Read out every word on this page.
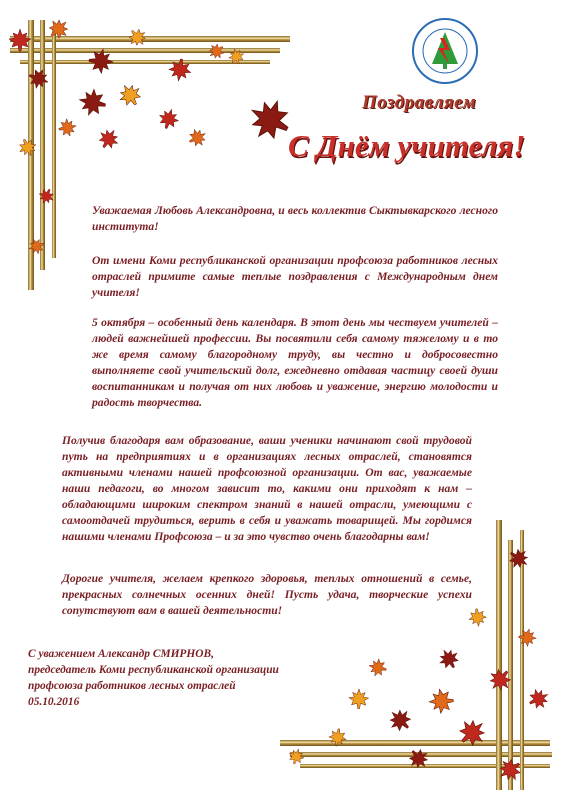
Поздравляем
С Днём учителя!

Уважаемая Любовь Александровна, и весь коллектив Сыктывкарского лесного института!

От имени Коми республиканской организации профсоюза работников лесных отраслей примите самые теплые поздравления с Международным днем учителя!

5 октября – особенный день календаря. В этот день мы чествуем учителей – людей важнейшей профессии. Вы посвятили себя самому тяжелому и в то же время самому благородному труду, вы честно и добросовестно выполняете свой учительский долг, ежедневно отдавая частицу своей души воспитанникам и получая от них любовь и уважение, энергию молодости и радость творчества.

Получив благодаря вам образование, ваши ученики начинают свой трудовой путь на предприятиях и в организациях лесных отраслей, становятся активными членами нашей профсоюзной организации. От вас, уважаемые наши педагоги, во многом зависит то, какими они приходят к нам – обладающими широким спектром знаний в нашей отрасли, умеющими с самоотдачей трудиться, верить в себя и уважать товарищей. Мы гордимся нашими членами Профсоюза – и за это чувство очень благодарны вам!

Дорогие учителя, желаем крепкого здоровья, теплых отношений в семье, прекрасных солнечных осенних дней! Пусть удача, творческие успехи сопутствуют вам в вашей деятельности!

С уважением Александр СМИРНОВ,
председатель Коми республиканской организации
профсоюза работников лесных отраслей
05.10.2016
